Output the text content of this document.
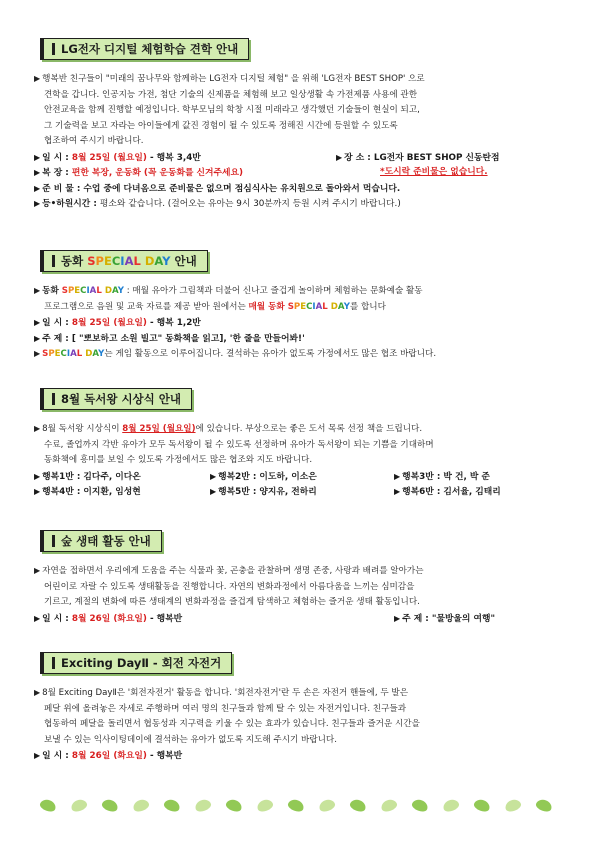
LG전자 디지털 체험학습 견학 안내
▶ 행복반 친구들이 "미래의 꿈나무와 함께하는 LG전자 디지털 체험" 을 위해 'LG전자 BEST SHOP' 으로
견학을 갑니다. 인공지능 가전, 첨단 기술의 신제품을 체험해 보고 일상생활 속 가전제품 사용에 관한
안전교육을 함께 진행할 예정입니다. 학부모님의 학창 시절 미래라고 생각했던 기술들이 현실이 되고,
그 기술력을 보고 자라는 아이들에게 값진 경험이 될 수 있도록 정해진 시간에 등원할 수 있도록
협조하여 주시기 바랍니다.
▶ 일 시 : 8월 25일 (월요일) - 행복 3,4반	▶ 장 소 : LG전자 BEST SHOP 신동탄점
▶ 복 장 : 편한 복장, 운동화 (꼭 운동화를 신겨주세요)	*도시락 준비물은 없습니다.
▶ 준 비 물 : 수업 중에 다녀옴으로 준비물은 없으며 점심식사는 유치원으로 돌아와서 먹습니다.
▶ 등•하원시간 : 평소와 같습니다. (걸어오는 유아는 9시 30분까지 등원 시켜 주시기 바랍니다.)
동화 SPECIAL DAY 안내
▶ 동화 SPECIAL DAY : 매월 유아가 그림책과 더불어 신나고 즐겁게 놀이하며 체험하는 문화예술 활동
프로그램으로 음원 및 교육 자료를 제공 받아 원에서는 매월 동화 SPECIAL DAY를 합니다
▶ 일 시 : 8월 25일 (월요일) - 행복 1,2반
▶ 주 제 : [ "뽀보하고 소원 빌고" 동화책을 읽고], '한 줄을 만들어봐!'
▶ SPECIAL DAY는 게임 활동으로 이루어집니다. 결석하는 유아가 없도록 가정에서도 많은 협조 바랍니다.
8월 독서왕 시상식 안내
▶ 8월 독서왕 시상식이 8월 25일 (월요일)에 있습니다. 부상으로는 좋은 도서 목록 선정 책을 드립니다.
수료, 졸업까지 각반 유아가 모두 독서왕이 될 수 있도록 선정하며 유아가 독서왕이 되는 기쁨을 기대하며
동화책에 흥미를 보일 수 있도록 가정에서도 많은 협조와 지도 바랍니다.
▶ 행복1반 : 김다주, 이다온	▶ 행복2반 : 이도하, 이소은	▶ 행복3반 : 박 건, 박 준
▶ 행복4반 : 이지환, 임성현	▶ 행복5반 : 양지유, 전하리	▶ 행복6반 : 김서율, 김태리
숲 생태 활동 안내
▶ 자연을 접하면서 우리에게 도움을 주는 식물과 꽃, 곤충을 관찰하며 생명 존중, 사랑과 배려를 알아가는
어린이로 자랄 수 있도록 생태활동을 진행합니다. 자연의 변화과정에서 아름다움을 느끼는 심미감을
기르고, 계절의 변화에 따른 생태계의 변화과정을 즐겁게 탐색하고 체험하는 즐거운 생태 활동입니다.
▶ 일 시 : 8월 26일 (화요일) - 행복반	▶ 주 제 : "물방울의 여행"
Exciting DayⅡ - 회전 자전거
▶ 8월 Exciting DayⅡ은 '회전자전거' 활동을 합니다. '회전자전거'란 두 손은 자전거 핸들에, 두 발은
페달 위에 올려놓은 자세로 주행하며 여러 명의 친구들과 함께 탈 수 있는 자전거입니다. 친구들과
협동하여 페달을 돌리면서 협동성과 지구력을 키울 수 있는 효과가 있습니다. 친구들과 즐거운 시간을
보낼 수 있는 익사이팅데이에 결석하는 유아가 없도록 지도해 주시기 바랍니다.
▶ 일 시 : 8월 26일 (화요일) - 행복반
